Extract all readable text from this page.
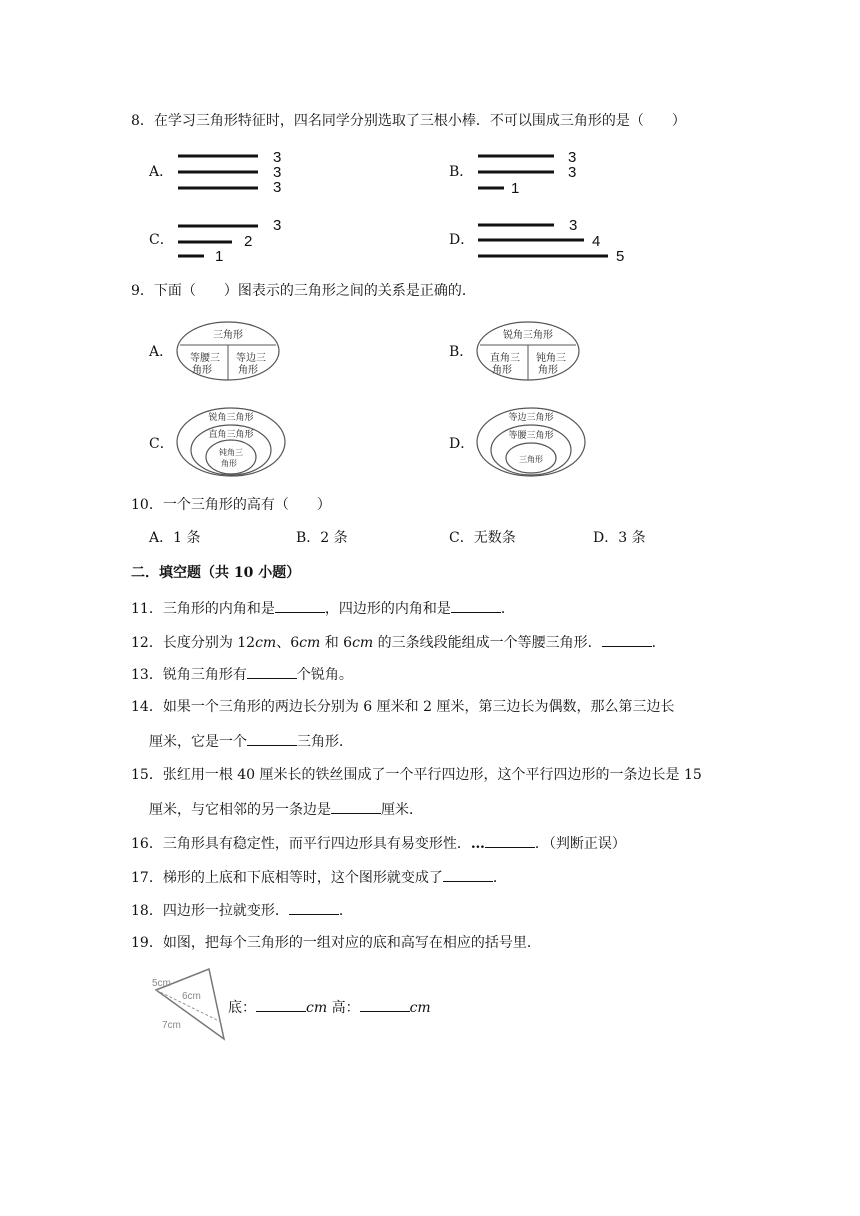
8．在学习三角形特征时，四名同学分别选取了三根小棒．不可以围成三角形的是（　　）
A．
3
3
3
B．
3
3
1
C．
3
2
1
D．
3
4
5
9．下面（　　）图表示的三角形之间的关系是正确的．
A．
三角形
等腰三
角形
等边三
角形
B．
锐角三角形
直角三
角形
钝角三
角形
C．
锐角三角形
直角三角形
钝角三
角形
D．
等边三角形
等腰三角形
三角形
10．一个三角形的高有（　　）
A．1 条	B．2 条	C．无数条	D．3 条
二．填空题（共 10 小题）
11．三角形的内角和是	，四边形的内角和是	．
12．长度分别为 12cm、6cm 和 6cm 的三条线段能组成一个等腰三角形．	．
13．锐角三角形有	个锐角。
14．如果一个三角形的两边长分别为 6 厘米和 2 厘米，第三边长为偶数，那么第三边长
厘米，它是一个	三角形．
15．张红用一根 40 厘米长的铁丝围成了一个平行四边形，这个平行四边形的一条边长是 15
厘米，与它相邻的另一条边是	厘米．
16．三角形具有稳定性，而平行四边形具有易变形性．…	．（判断正误）
17．梯形的上底和下底相等时，这个图形就变成了	．
18．四边形一拉就变形．	．
19．如图，把每个三角形的一组对应的底和高写在相应的括号里．
5cm
6cm
7cm
底：	cm 高：	cm
